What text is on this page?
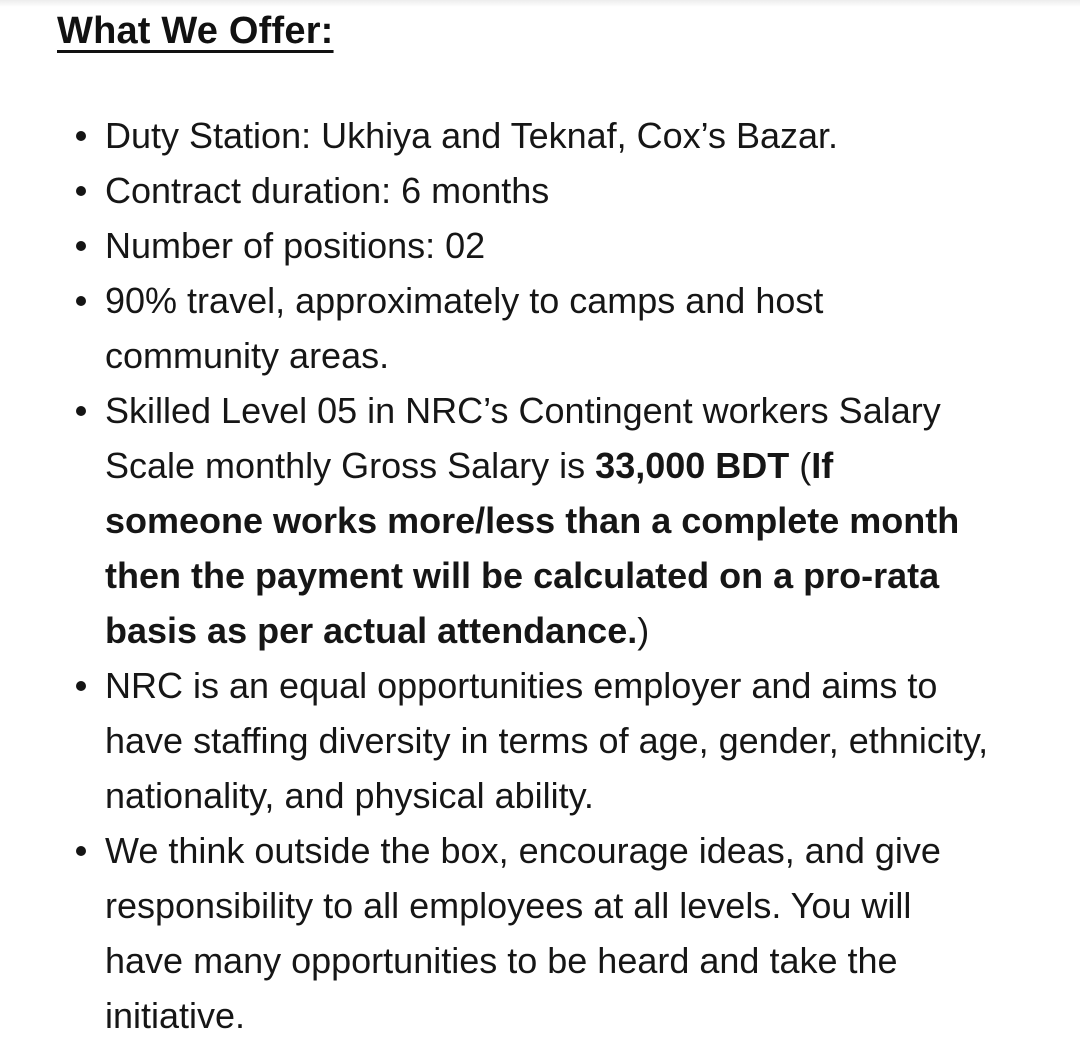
What We Offer:
Duty Station: Ukhiya and Teknaf, Cox’s Bazar.
Contract duration: 6 months
Number of positions: 02
90% travel, approximately to camps and host community areas.
Skilled Level 05 in NRC’s Contingent workers Salary Scale monthly Gross Salary is 33,000 BDT (If someone works more/less than a complete month then the payment will be calculated on a pro-rata basis as per actual attendance.)
NRC is an equal opportunities employer and aims to have staffing diversity in terms of age, gender, ethnicity, nationality, and physical ability.
We think outside the box, encourage ideas, and give responsibility to all employees at all levels. You will have many opportunities to be heard and take the initiative.
